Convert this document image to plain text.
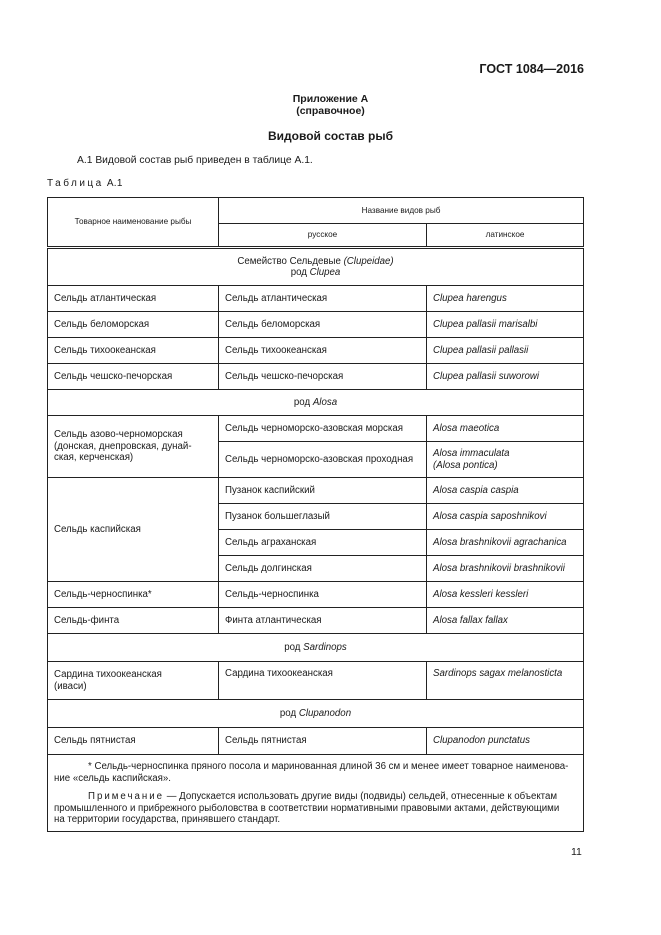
ГОСТ 1084—2016
Приложение А
(справочное)
Видовой состав рыб
А.1 Видовой состав рыб приведен в таблице А.1.
Таблица А.1
Товарное наименование рыбы	Название видов рыб	
	русское	латинское
Семейство Сельдевые (Clupeidae)
род Clupea		
Сельдь атлантическая	Сельдь атлантическая	Clupea harengus
Сельдь беломорская	Сельдь беломорская	Clupea pallasii marisalbi
Сельдь тихоокеанская	Сельдь тихоокеанская	Clupea pallasii pallasii
Сельдь чешско-печорская	Сельдь чешско-печорская	Clupea pallasii suworowi
род Alosa		
Сельдь азово-черноморская
(донская, днепровская, дунай-
ская, керченская)	Сельдь черноморско-азовская морская	Alosa maeotica
	Сельдь черноморско-азовская проходная	Alosa immaculata
(Alosa pontica)
Сельдь каспийская	Пузанок каспийский	Alosa caspia caspia
	Пузанок большеглазый	Alosa caspia saposhnikovi
	Сельдь аграханская	Alosa brashnikovii agrachanica
	Сельдь долгинская	Alosa brashnikovii brashnikovii
Сельдь-черноспинка*	Сельдь-черноспинка	Alosa kessleri kessleri
Сельдь-финта	Финта атлантическая	Alosa fallax fallax
род Sardinops		
Сардина тихоокеанская
(иваси)	Сардина тихоокеанская	Sardinops sagax melanosticta
род Clupanodon		
Сельдь пятнистая	Сельдь пятнистая	Clupanodon punctatus

* Сельдь-черноспинка пряного посола и маринованная длиной 36 см и менее имеет товарное наименова-
ние «сельдь каспийская».

Примечание — Допускается использовать другие виды (подвиды) сельдей, отнесенные к объектам
промышленного и прибрежного рыболовства в соответствии нормативными правовыми актами, действующими
на территории государства, принявшего стандарт.		

11
